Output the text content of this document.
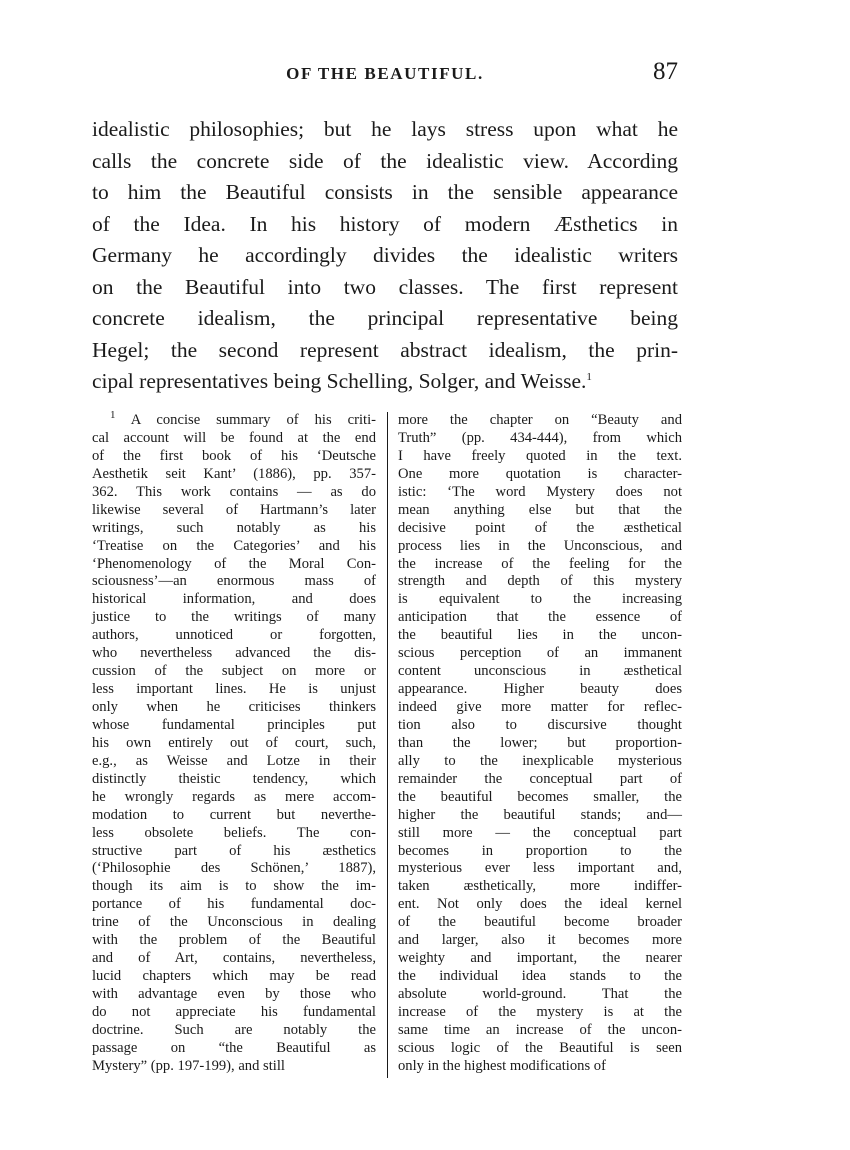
OF THE BEAUTIFUL.	87
idealistic philosophies; but he lays stress upon what he
calls the concrete side of the idealistic view. According
to him the Beautiful consists in the sensible appearance
of the Idea. In his history of modern Æsthetics in
Germany he accordingly divides the idealistic writers
on the Beautiful into two classes. The first represent
concrete idealism, the principal representative being
Hegel; the second represent abstract idealism, the prin-
cipal representatives being Schelling, Solger, and Weisse.$^1$
$^1$ A concise summary of his criti-
cal account will be found at the end
of the first book of his ‘Deutsche
Aesthetik seit Kant’ (1886), pp. 357-
362. This work contains — as do
likewise several of Hartmann’s later
writings, such notably as his
‘Treatise on the Categories’ and his
‘Phenomenology of the Moral Con-
sciousness’—an enormous mass of
historical information, and does
justice to the writings of many
authors, unnoticed or forgotten,
who nevertheless advanced the dis-
cussion of the subject on more or
less important lines. He is unjust
only when he criticises thinkers
whose fundamental principles put
his own entirely out of court, such,
e.g., as Weisse and Lotze in their
distinctly theistic tendency, which
he wrongly regards as mere accom-
modation to current but neverthe-
less obsolete beliefs. The con-
structive part of his æsthetics
(‘Philosophie des Schönen,’ 1887),
though its aim is to show the im-
portance of his fundamental doc-
trine of the Unconscious in dealing
with the problem of the Beautiful
and of Art, contains, nevertheless,
lucid chapters which may be read
with advantage even by those who
do not appreciate his fundamental
doctrine. Such are notably the
passage on “the Beautiful as
Mystery” (pp. 197-199), and still
more the chapter on “Beauty and
Truth” (pp. 434-444), from which
I have freely quoted in the text.
One more quotation is character-
istic: ‘The word Mystery does not
mean anything else but that the
decisive point of the æsthetical
process lies in the Unconscious, and
the increase of the feeling for the
strength and depth of this mystery
is equivalent to the increasing
anticipation that the essence of
the beautiful lies in the uncon-
scious perception of an immanent
content unconscious in æsthetical
appearance. Higher beauty does
indeed give more matter for reflec-
tion also to discursive thought
than the lower; but proportion-
ally to the inexplicable mysterious
remainder the conceptual part of
the beautiful becomes smaller, the
higher the beautiful stands; and—
still more — the conceptual part
becomes in proportion to the
mysterious ever less important and,
taken æsthetically, more indiffer-
ent. Not only does the ideal kernel
of the beautiful become broader
and larger, also it becomes more
weighty and important, the nearer
the individual idea stands to the
absolute world-ground. That the
increase of the mystery is at the
same time an increase of the uncon-
scious logic of the Beautiful is seen
only in the highest modifications of
